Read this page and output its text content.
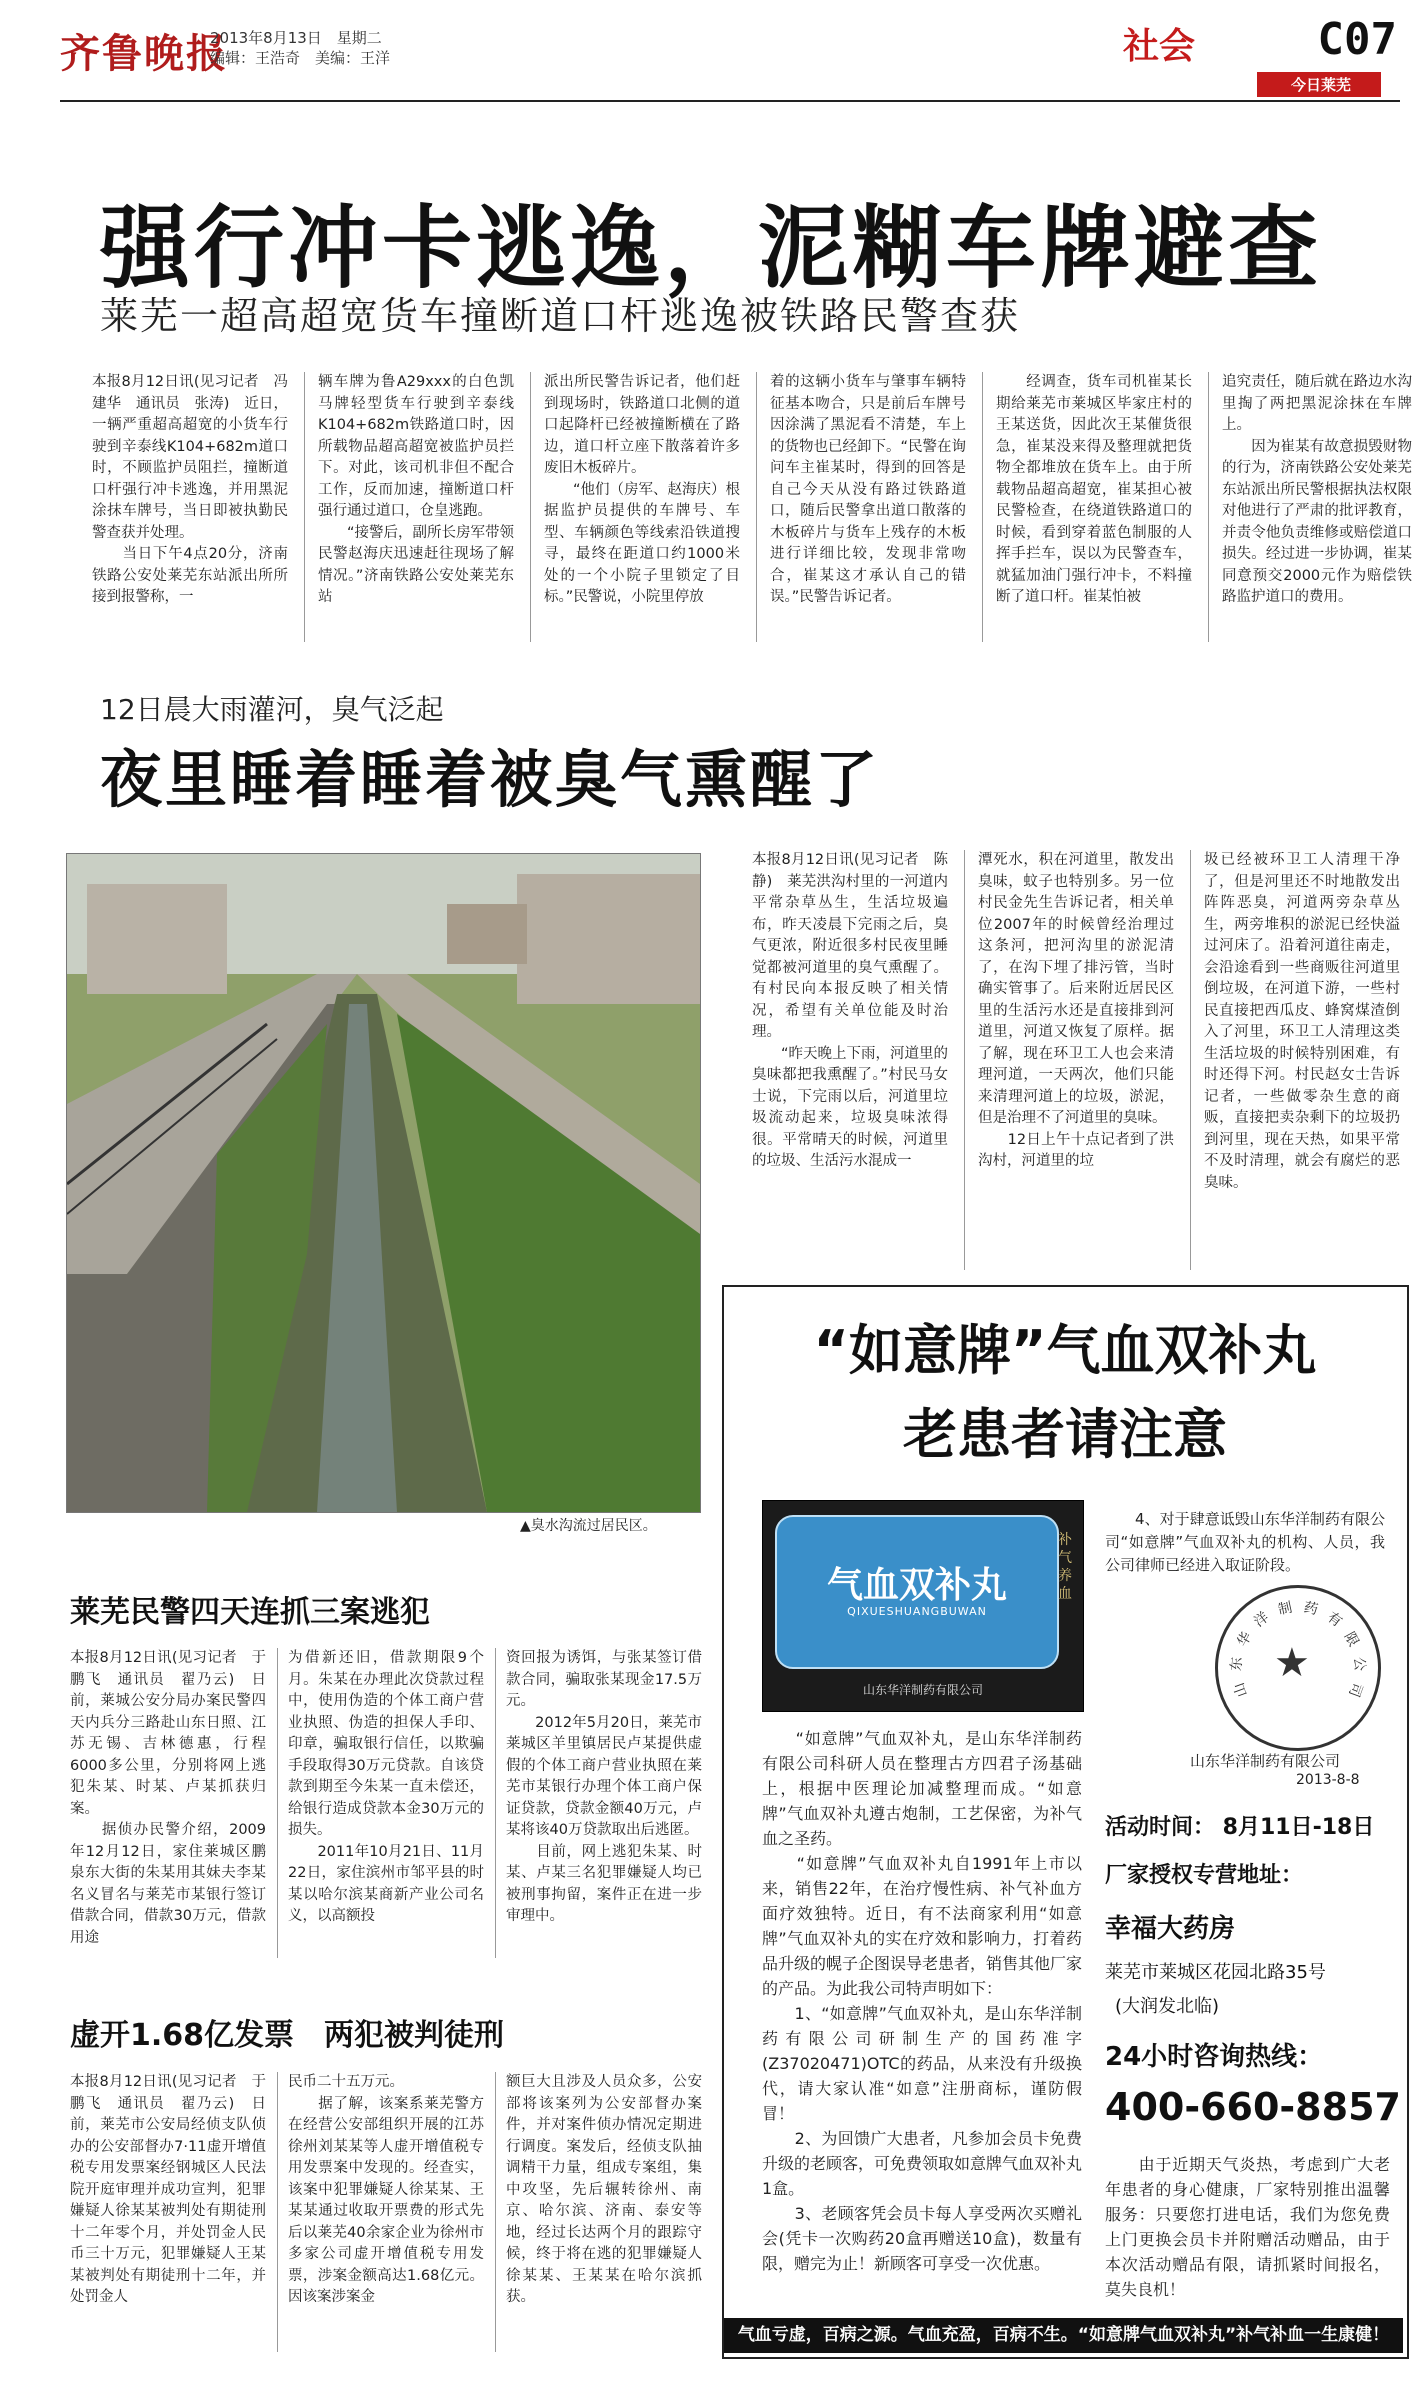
齐鲁晚报
2013年8月13日　星期二
编辑：王浩奇　美编：王洋	社会	C07
今日莱芜
强行冲卡逃逸，泥糊车牌避查
莱芜一超高超宽货车撞断道口杆逃逸被铁路民警查获
本报8月12日讯(见习记者　冯建华　通讯员　张涛)　近日，一辆严重超高超宽的小货车行驶到辛泰线K104+682m道口时，不顾监护员阻拦，撞断道口杆强行冲卡逃逸，并用黑泥涂抹车牌号，当日即被执勤民警查获并处理。
　　当日下午4点20分，济南铁路公安处莱芜东站派出所所接到报警称，一
辆车牌为鲁A29xxx的白色凯马牌轻型货车行驶到辛泰线K104+682m铁路道口时，因所载物品超高超宽被监护员拦下。对此，该司机非但不配合工作，反而加速，撞断道口杆强行通过道口，仓皇逃跑。
　　“接警后，副所长房军带领民警赵海庆迅速赶往现场了解情况。”济南铁路公安处莱芜东站
派出所民警告诉记者，他们赶到现场时，铁路道口北侧的道口起降杆已经被撞断横在了路边，道口杆立座下散落着许多废旧木板碎片。
　　“他们（房军、赵海庆）根据监护员提供的车牌号、车型、车辆颜色等线索沿铁道搜寻，最终在距道口约1000米处的一个小院子里锁定了目标。”民警说，小院里停放
着的这辆小货车与肇事车辆特征基本吻合，只是前后车牌号因涂满了黑泥看不清楚，车上的货物也已经卸下。“民警在询问车主崔某时，得到的回答是自己今天从没有路过铁路道口，随后民警拿出道口散落的木板碎片与货车上残存的木板进行详细比较，发现非常吻合，崔某这才承认自己的错误。”民警告诉记者。
　　经调查，货车司机崔某长期给莱芜市莱城区毕家庄村的王某送货，因此次王某催货很急，崔某没来得及整理就把货物全都堆放在货车上。由于所载物品超高超宽，崔某担心被民警检查，在绕道铁路道口的时候，看到穿着蓝色制服的人挥手拦车，误以为民警查车，就猛加油门强行冲卡，不料撞断了道口杆。崔某怕被
追究责任，随后就在路边水沟里掏了两把黑泥涂抹在车牌上。
　　因为崔某有故意损毁财物的行为，济南铁路公安处莱芜东站派出所民警根据执法权限对他进行了严肃的批评教育，并责令他负责维修或赔偿道口损失。经过进一步协调，崔某同意预交2000元作为赔偿铁路监护道口的费用。
12日晨大雨灌河，臭气泛起
夜里睡着睡着被臭气熏醒了
▲臭水沟流过居民区。
本报8月12日讯(见习记者　陈静)　莱芜洪沟村里的一河道内平常杂草丛生，生活垃圾遍布，昨天凌晨下完雨之后，臭气更浓，附近很多村民夜里睡觉都被河道里的臭气熏醒了。有村民向本报反映了相关情况，希望有关单位能及时治理。
　　“昨天晚上下雨，河道里的臭味都把我熏醒了。”村民马女士说，下完雨以后，河道里垃圾流动起来，垃圾臭味浓得很。平常晴天的时候，河道里的垃圾、生活污水混成一
潭死水，积在河道里，散发出臭味，蚊子也特别多。另一位村民金先生告诉记者，相关单位2007年的时候曾经治理过这条河，把河沟里的淤泥清了，在沟下埋了排污管，当时确实管事了。后来附近居民区里的生活污水还是直接排到河道里，河道又恢复了原样。据了解，现在环卫工人也会来清理河道，一天两次，他们只能来清理河道上的垃圾，淤泥，但是治理不了河道里的臭味。
　　12日上午十点记者到了洪沟村，河道里的垃
圾已经被环卫工人清理干净了，但是河里还不时地散发出阵阵恶臭，河道两旁杂草丛生，两旁堆积的淤泥已经快溢过河床了。沿着河道往南走，会沿途看到一些商贩往河道里倒垃圾，在河道下游，一些村民直接把西瓜皮、蜂窝煤渣倒入了河里，环卫工人清理这类生活垃圾的时候特别困难，有时还得下河。村民赵女士告诉记者，一些做零杂生意的商贩，直接把卖杂剩下的垃圾扔到河里，现在天热，如果平常不及时清理，就会有腐烂的恶臭味。
莱芜民警四天连抓三案逃犯
本报8月12日讯(见习记者　于鹏飞　通讯员　翟乃云)　日前，莱城公安分局办案民警四天内兵分三路赴山东日照、江苏无锡、吉林德惠，行程6000多公里，分别将网上逃犯朱某、时某、卢某抓获归案。
　　据侦办民警介绍，2009年12月12日，家住莱城区鹏泉东大街的朱某用其妹夫李某名义冒名与莱芜市某银行签订借款合同，借款30万元，借款用途
为借新还旧，借款期限9个月。朱某在办理此次贷款过程中，使用伪造的个体工商户营业执照、伪造的担保人手印、印章，骗取银行信任，以欺骗手段取得30万元贷款。自该贷款到期至今朱某一直未偿还，给银行造成贷款本金30万元的损失。
　　2011年10月21日、11月22日，家住滨州市邹平县的时某以哈尔滨某商新产业公司名义，以高额投
资回报为诱饵，与张某签订借款合同，骗取张某现金17.5万元。
　　2012年5月20日，莱芜市莱城区羊里镇居民卢某提供虚假的个体工商户营业执照在莱芜市某银行办理个体工商户保证贷款，贷款金额40万元，卢某将该40万贷款取出后逃匿。
　　目前，网上逃犯朱某、时某、卢某三名犯罪嫌疑人均已被刑事拘留，案件正在进一步审理中。
虚开1.68亿发票　两犯被判徒刑
本报8月12日讯(见习记者　于鹏飞　通讯员　翟乃云)　日前，莱芜市公安局经侦支队侦办的公安部督办7·11虚开增值税专用发票案经钢城区人民法院开庭审理并成功宣判，犯罪嫌疑人徐某某被判处有期徒刑十二年零个月，并处罚金人民币三十万元，犯罪嫌疑人王某某被判处有期徒刑十二年，并处罚金人
民币二十五万元。
　　据了解，该案系莱芜警方在经营公安部组织开展的江苏徐州刘某某等人虚开增值税专用发票案中发现的。经查实，该案中犯罪嫌疑人徐某某、王某某通过收取开票费的形式先后以莱芜40余家企业为徐州市多家公司虚开增值税专用发票，涉案金额高达1.68亿元。因该案涉案金
额巨大且涉及人员众多，公安部将该案列为公安部督办案件，并对案件侦办情况定期进行调度。案发后，经侦支队抽调精干力量，组成专案组，集中攻坚，先后辗转徐州、南京、哈尔滨、济南、泰安等地，经过长达两个月的跟踪守候，终于将在逃的犯罪嫌疑人徐某某、王某某在哈尔滨抓获。
“如意牌”气血双补丸
老患者请注意
气血双补丸
QIXUESHUANGBUWAN
补气养血
山东华洋制药有限公司
　　4、对于肆意诋毁山东华洋制药有限公司“如意牌”气血双补丸的机构、人员，我公司律师已经进入取证阶段。
★
山
东
华
洋
制 药
有
限
公
司
山东华洋制药有限公司
2013-8-8
　　“如意牌”气血双补丸，是山东华洋制药有限公司科研人员在整理古方四君子汤基础上，根据中医理论加减整理而成。“如意牌”气血双补丸遵古炮制，工艺保密，为补气血之圣药。
　　“如意牌”气血双补丸自1991年上市以来，销售22年，在治疗慢性病、补气补血方面疗效独特。近日，有不法商家利用“如意牌”气血双补丸的实在疗效和影响力，打着药品升级的幌子企图误导老患者，销售其他厂家的产品。为此我公司特声明如下：
　　1、“如意牌”气血双补丸，是山东华洋制药有限公司研制生产的国药准字(Z37020471)OTC的药品，从来没有升级换代，请大家认准“如意”注册商标，谨防假冒！
　　2、为回馈广大患者，凡参加会员卡免费升级的老顾客，可免费领取如意牌气血双补丸1盒。
　　3、老顾客凭会员卡每人享受两次买赠礼会(凭卡一次购药20盒再赠送10盒)，数量有限，赠完为止！新顾客可享受一次优惠。
活动时间： 8月11日-18日
厂家授权专营地址：
幸福大药房
莱芜市莱城区花园北路35号
(大润发北临)
24小时咨询热线：
400-660-8857
　　由于近期天气炎热，考虑到广大老年患者的身心健康，厂家特别推出温馨服务：只要您打进电话，我们为您免费上门更换会员卡并附赠活动赠品，由于本次活动赠品有限，请抓紧时间报名，莫失良机！
气血亏虚，百病之源。气血充盈，百病不生。“如意牌气血双补丸”补气补血一生康健！
